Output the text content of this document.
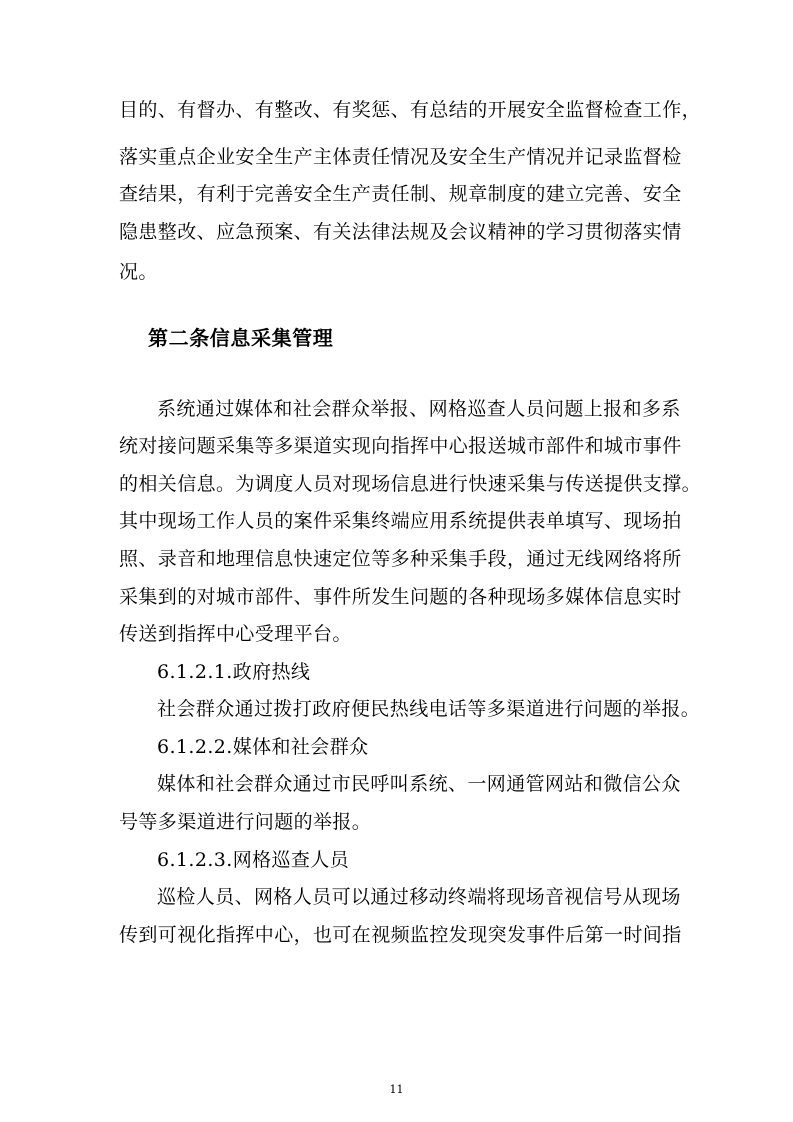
目的、有督办、有整改、有奖惩、有总结的开展安全监督检查工作，

落实重点企业安全生产主体责任情况及安全生产情况并记录监督检

查结果，有利于完善安全生产责任制、规章制度的建立完善、安全

隐患整改、应急预案、有关法律法规及会议精神的学习贯彻落实情

况。

第二条信息采集管理

系统通过媒体和社会群众举报、网格巡查人员问题上报和多系

统对接问题采集等多渠道实现向指挥中心报送城市部件和城市事件

的相关信息。为调度人员对现场信息进行快速采集与传送提供支撑。

其中现场工作人员的案件采集终端应用系统提供表单填写、现场拍

照、录音和地理信息快速定位等多种采集手段，通过无线网络将所

采集到的对城市部件、事件所发生问题的各种现场多媒体信息实时

传送到指挥中心受理平台。

6.1.2.1.政府热线

社会群众通过拨打政府便民热线电话等多渠道进行问题的举报。

6.1.2.2.媒体和社会群众

媒体和社会群众通过市民呼叫系统、一网通管网站和微信公众

号等多渠道进行问题的举报。

6.1.2.3.网格巡查人员

巡检人员、网格人员可以通过移动终端将现场音视信号从现场

传到可视化指挥中心，也可在视频监控发现突发事件后第一时间指

11
